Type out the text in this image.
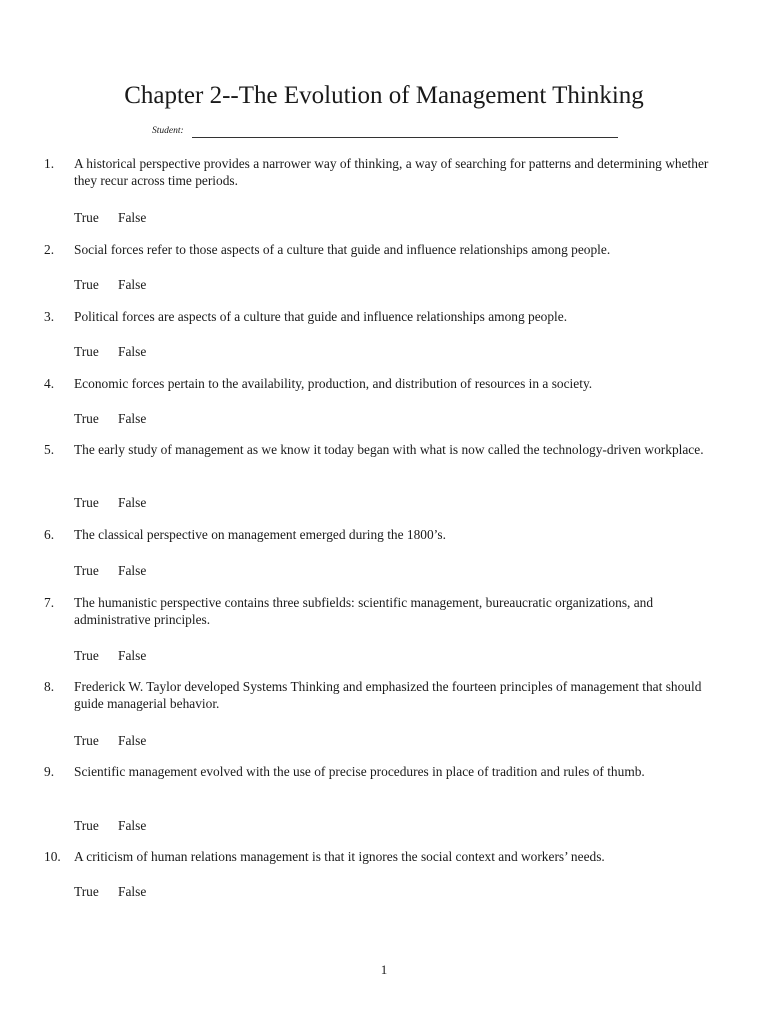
Chapter 2--The Evolution of Management Thinking
Student:
1.	A historical perspective provides a narrower way of thinking, a way of searching for patterns and determining whether they recur across time periods.
True False
2.	Social forces refer to those aspects of a culture that guide and influence relationships among people.
True False
3.	Political forces are aspects of a culture that guide and influence relationships among people.
True False
4.	Economic forces pertain to the availability, production, and distribution of resources in a society.
True False
5.	The early study of management as we know it today began with what is now called the technology-driven workplace.
True False
6.	The classical perspective on management emerged during the 1800’s.
True False
7.	The humanistic perspective contains three subfields: scientific management, bureaucratic organizations, and administrative principles.
True False
8.	Frederick W. Taylor developed Systems Thinking and emphasized the fourteen principles of management that should guide managerial behavior.
True False
9.	Scientific management evolved with the use of precise procedures in place of tradition and rules of thumb.
True False
10. A criticism of human relations management is that it ignores the social context and workers’ needs.
True False
1
